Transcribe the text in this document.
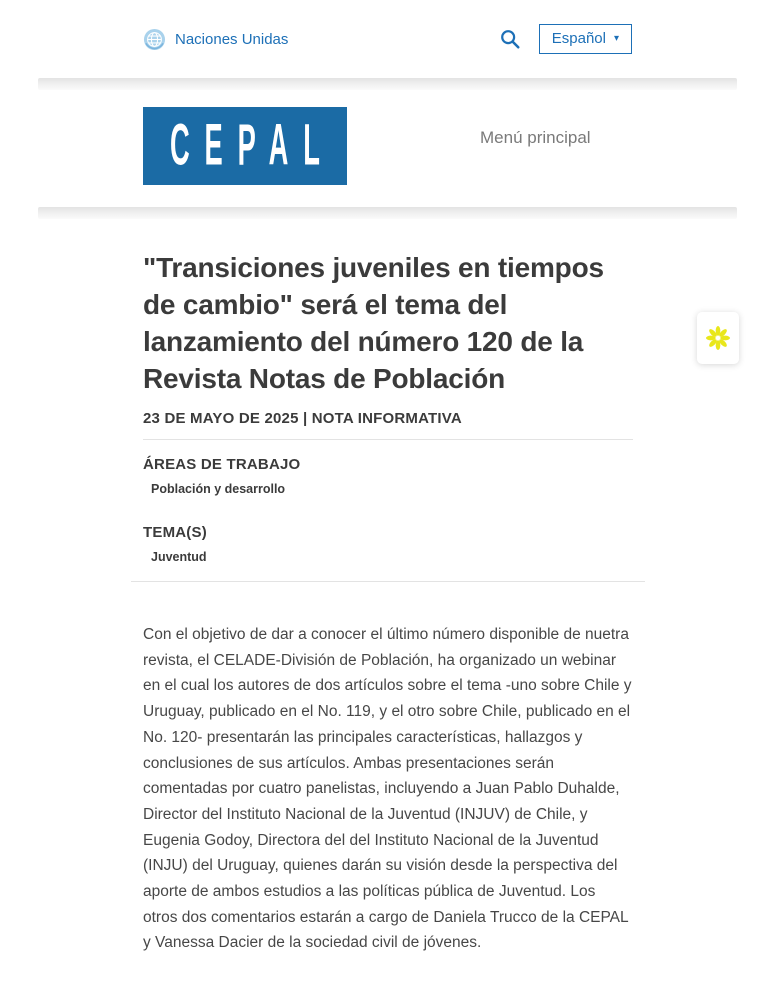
Naciones Unidas	Español ▾
CEPAL	Menú principal
"Transiciones juveniles en tiempos de cambio" será el tema del lanzamiento del número 120 de la Revista Notas de Población
23 DE MAYO DE 2025 | NOTA INFORMATIVA
ÁREAS DE TRABAJO
Población y desarrollo
TEMA(S)
Juventud

Con el objetivo de dar a conocer el último número disponible de nuetra revista, el CELADE-División de Población, ha organizado un webinar en el cual los autores de dos artículos sobre el tema -uno sobre Chile y Uruguay, publicado en el No. 119, y el otro sobre Chile, publicado en el No. 120- presentarán las principales características, hallazgos y conclusiones de sus artículos. Ambas presentaciones serán comentadas por cuatro panelistas, incluyendo a Juan Pablo Duhalde, Director del Instituto Nacional de la Juventud (INJUV) de Chile, y Eugenia Godoy, Directora del del Instituto Nacional de la Juventud (INJU) del Uruguay, quienes darán su visión desde la perspectiva del aporte de ambos estudios a las políticas pública de Juventud. Los otros dos comentarios estarán a cargo de Daniela Trucco de la CEPAL y Vanessa Dacier de la sociedad civil de jóvenes.
